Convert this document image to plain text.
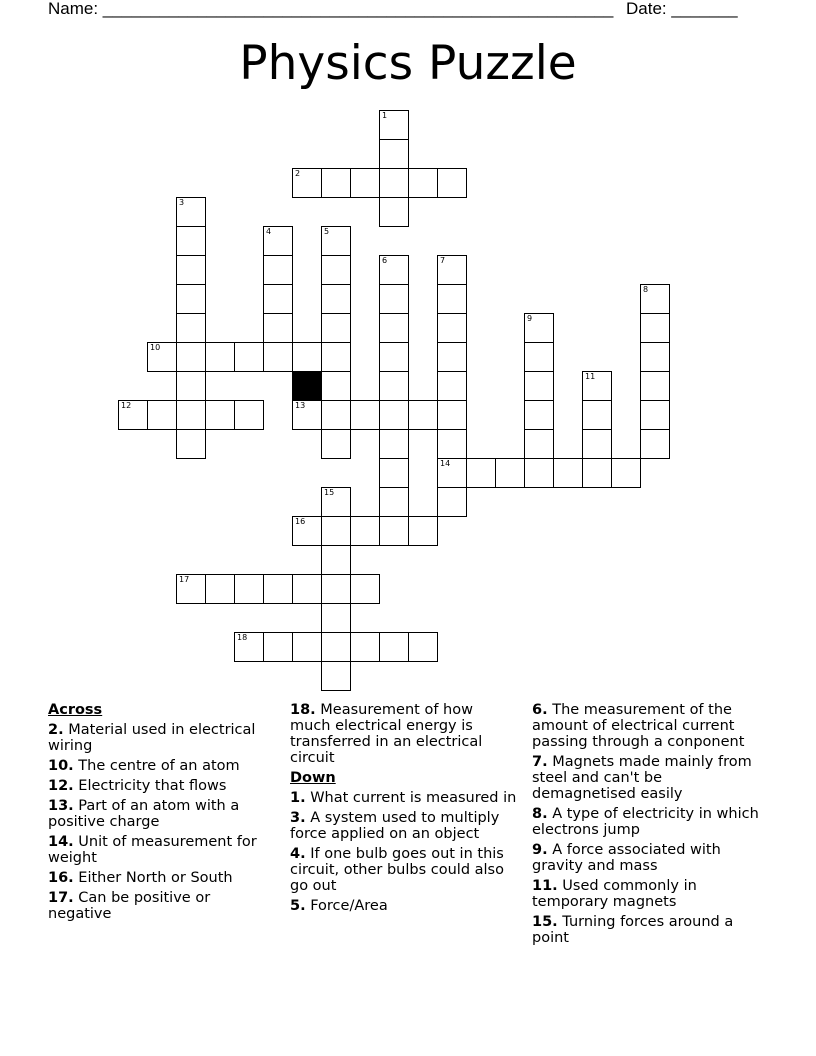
Name: ______________________________________________________ Date: _______
Physics Puzzle
1
2
3
4	5
6	7
14
8
9
10
11
12	13
15
16
17
18
Across
2. Material used in electrical wiring
10. The centre of an atom
12. Electricity that flows
13. Part of an atom with a positive charge
14. Unit of measurement for weight
16. Either North or South
17. Can be positive or negative
18. Measurement of how much electrical energy is transferred in an electrical circuit
Down
1. What current is measured in
3. A system used to multiply force applied on an object
4. If one bulb goes out in this circuit, other bulbs could also go out
5. Force/Area
6. The measurement of the amount of electrical current passing through a conponent
7. Magnets made mainly from steel and can't be demagnetised easily
8. A type of electricity in which electrons jump
9. A force associated with gravity and mass
11. Used commonly in temporary magnets
15. Turning forces around a point
